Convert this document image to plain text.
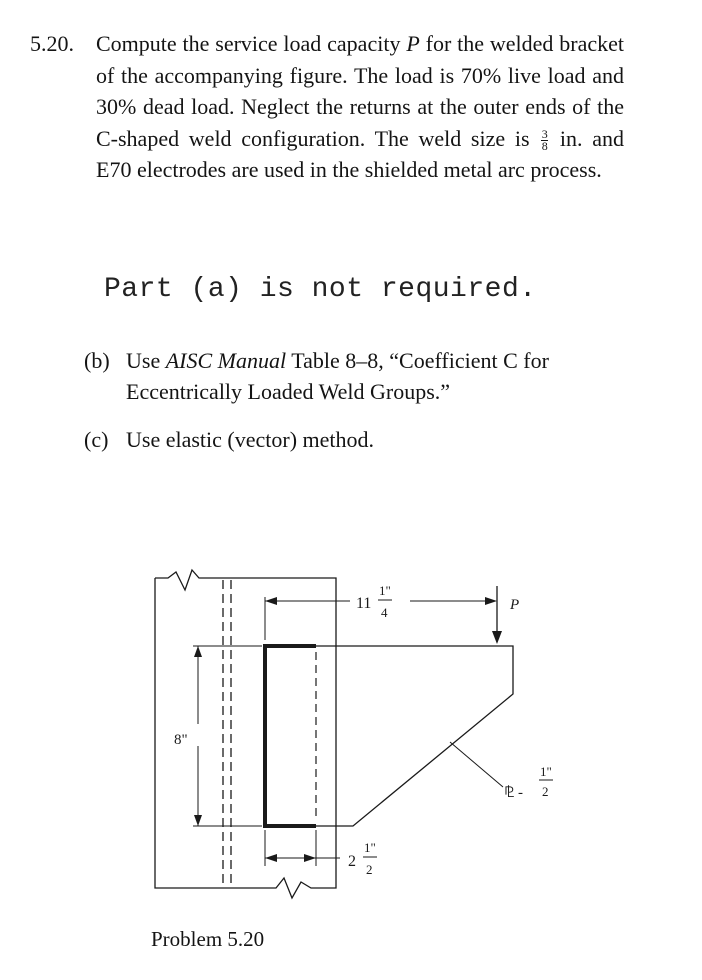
5.20. Compute the service load capacity P for the welded bracket of the accompanying figure. The load is 70% live load and 30% dead load. Neglect the returns at the outer ends of the C-shaped weld configuration. The weld size is $\frac{3}{8}$ in. and E70 electrodes are used in the shielded metal arc process.
Part (a) is not required.
(b) Use AISC Manual Table 8–8, “Coefficient C for Eccentrically Loaded Weld Groups.”
(c) Use elastic (vector) method.
11
1"
4	P
8"
⅊ -
1"
2
2
1"
2
Problem 5.20
